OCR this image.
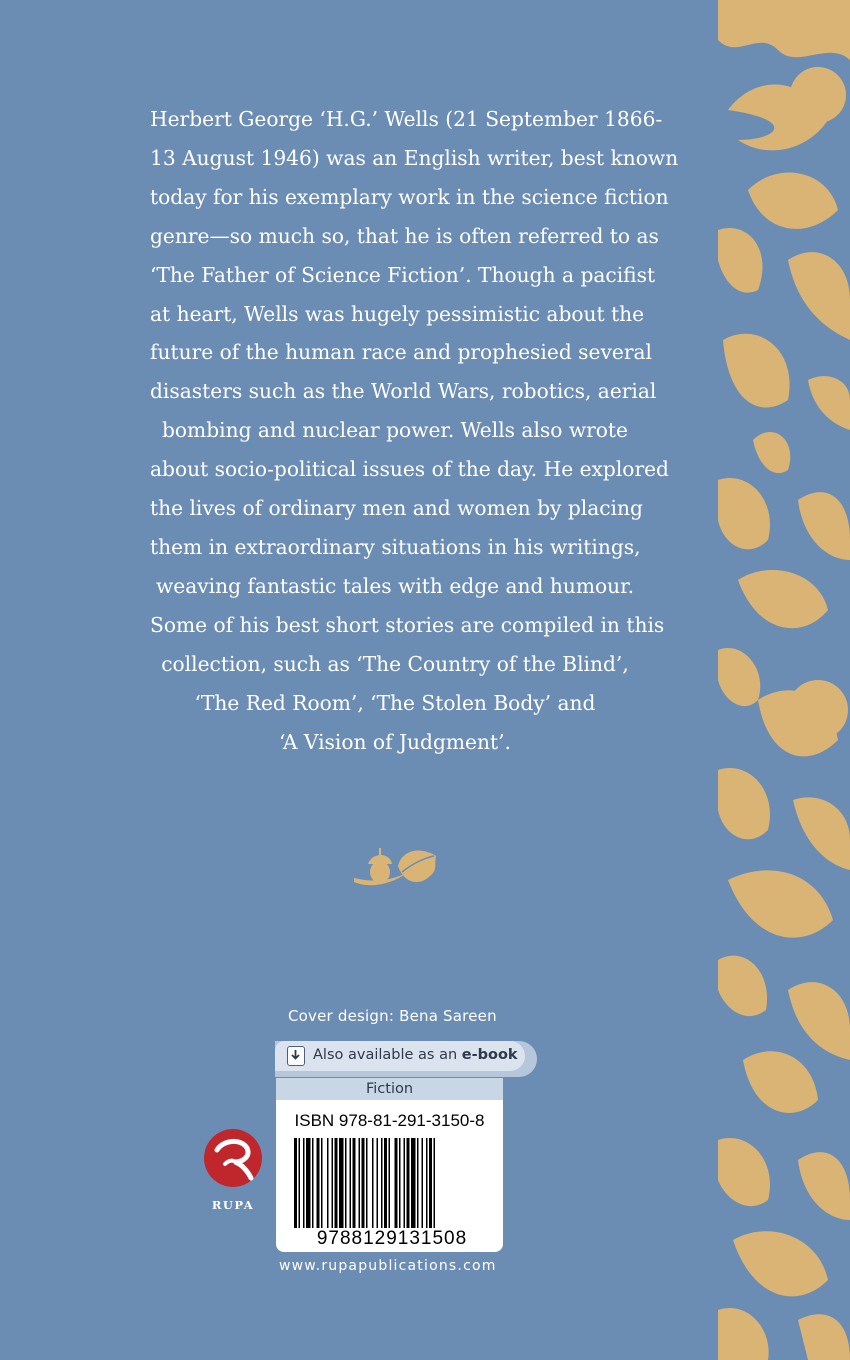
Herbert George ‘H.G.’ Wells (21 September 1866-
13 August 1946) was an English writer, best known
today for his exemplary work in the science fiction
genre—so much so, that he is often referred to as
‘The Father of Science Fiction’. Though a pacifist
at heart, Wells was hugely pessimistic about the
future of the human race and prophesied several
disasters such as the World Wars, robotics, aerial
bombing and nuclear power. Wells also wrote
about socio-political issues of the day. He explored
the lives of ordinary men and women by placing
them in extraordinary situations in his writings,
weaving fantastic tales with edge and humour.
Some of his best short stories are compiled in this
collection, such as ‘The Country of the Blind’,
‘The Red Room’, ‘The Stolen Body’ and
‘A Vision of Judgment’.

Cover design: Bena Sareen
Also available as an e-book
Fiction
ISBN 978-81-291-3150-8
9788129131508
RUPA
www.rupapublications.com
